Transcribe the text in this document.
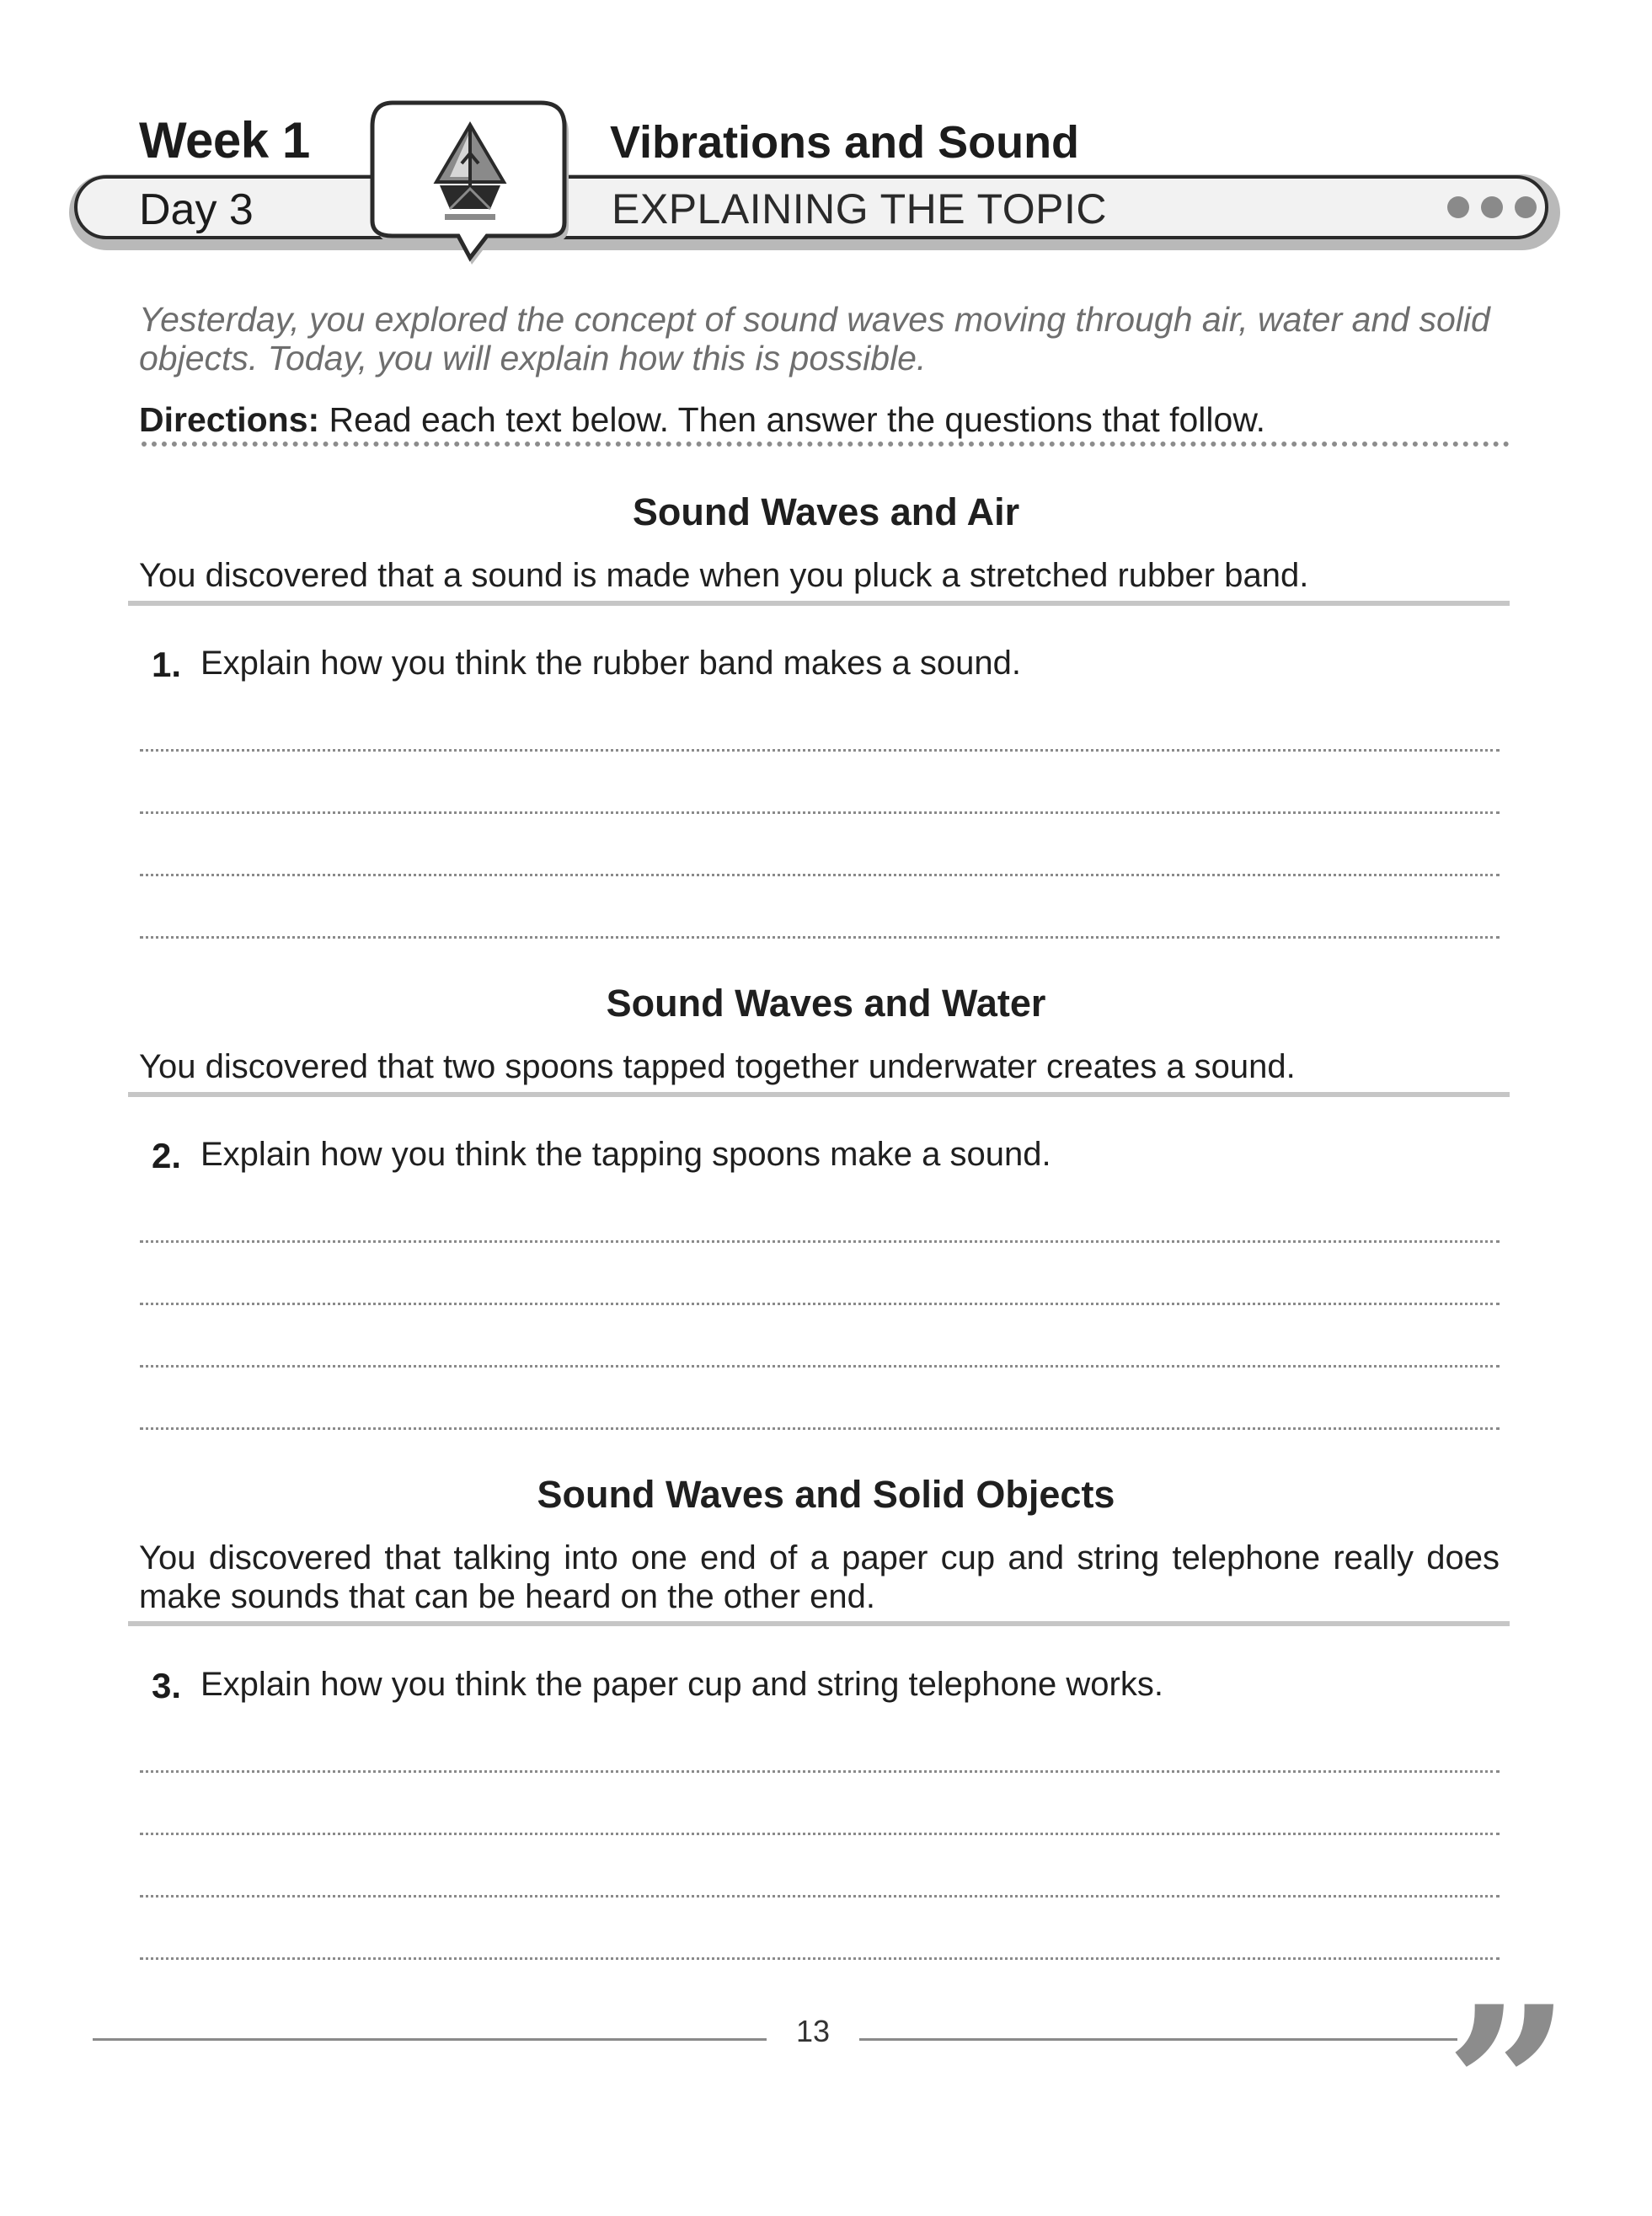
Week 1	Vibrations and Sound
Day 3	EXPLAINING THE TOPIC
Yesterday, you explored the concept of sound waves moving through air, water and solid objects. Today, you will explain how this is possible.
Directions: Read each text below. Then answer the questions that follow.
Sound Waves and Air
You discovered that a sound is made when you pluck a stretched rubber band.
1. Explain how you think the rubber band makes a sound.
Sound Waves and Water
You discovered that two spoons tapped together underwater creates a sound.
2. Explain how you think the tapping spoons make a sound.
Sound Waves and Solid Objects
You discovered that talking into one end of a paper cup and string telephone really does make sounds that can be heard on the other end.
3. Explain how you think the paper cup and string telephone works.
13	”
